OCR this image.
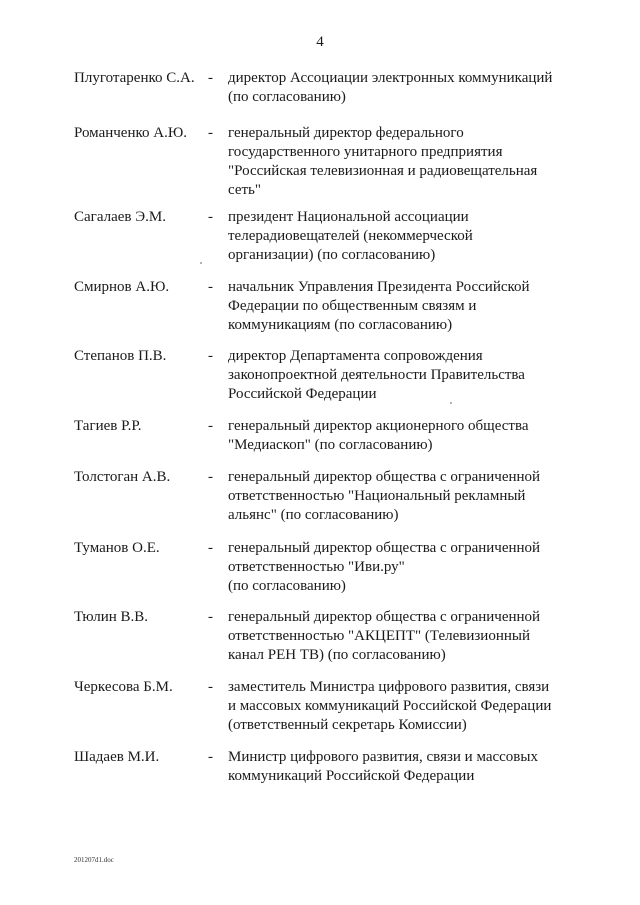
4
Плуготаренко С.А. - директор Ассоциации электронных коммуникаций
(по согласованию)
Романченко А.Ю. - генеральный директор федерального
государственного унитарного предприятия
"Российская телевизионная и радиовещательная
сеть"
Сагалаев Э.М.	- президент Национальной ассоциации
телерадиовещателей (некоммерческой
организации) (по согласованию)
Смирнов А.Ю.	- начальник Управления Президента Российской
Федерации по общественным связям и
коммуникациям (по согласованию)
Степанов П.В.	- директор Департамента сопровождения
законопроектной деятельности Правительства
Российской Федерации
Тагиев Р.Р.	- генеральный директор акционерного общества
"Медиаскоп" (по согласованию)
Толстоган А.В.	- генеральный директор общества с ограниченной
ответственностью "Национальный рекламный
альянс" (по согласованию)
Туманов О.Е.	- генеральный директор общества с ограниченной
ответственностью "Иви.ру"
(по согласованию)
Тюлин В.В.	- генеральный директор общества с ограниченной
ответственностью "АКЦЕПТ" (Телевизионный
канал РЕН ТВ) (по согласованию)
Черкесова Б.М. - заместитель Министра цифрового развития, связи
и массовых коммуникаций Российской Федерации
(ответственный секретарь Комиссии)
Шадаев М.И.	- Министр цифрового развития, связи и массовых
коммуникаций Российской Федерации
201207d1.doc
